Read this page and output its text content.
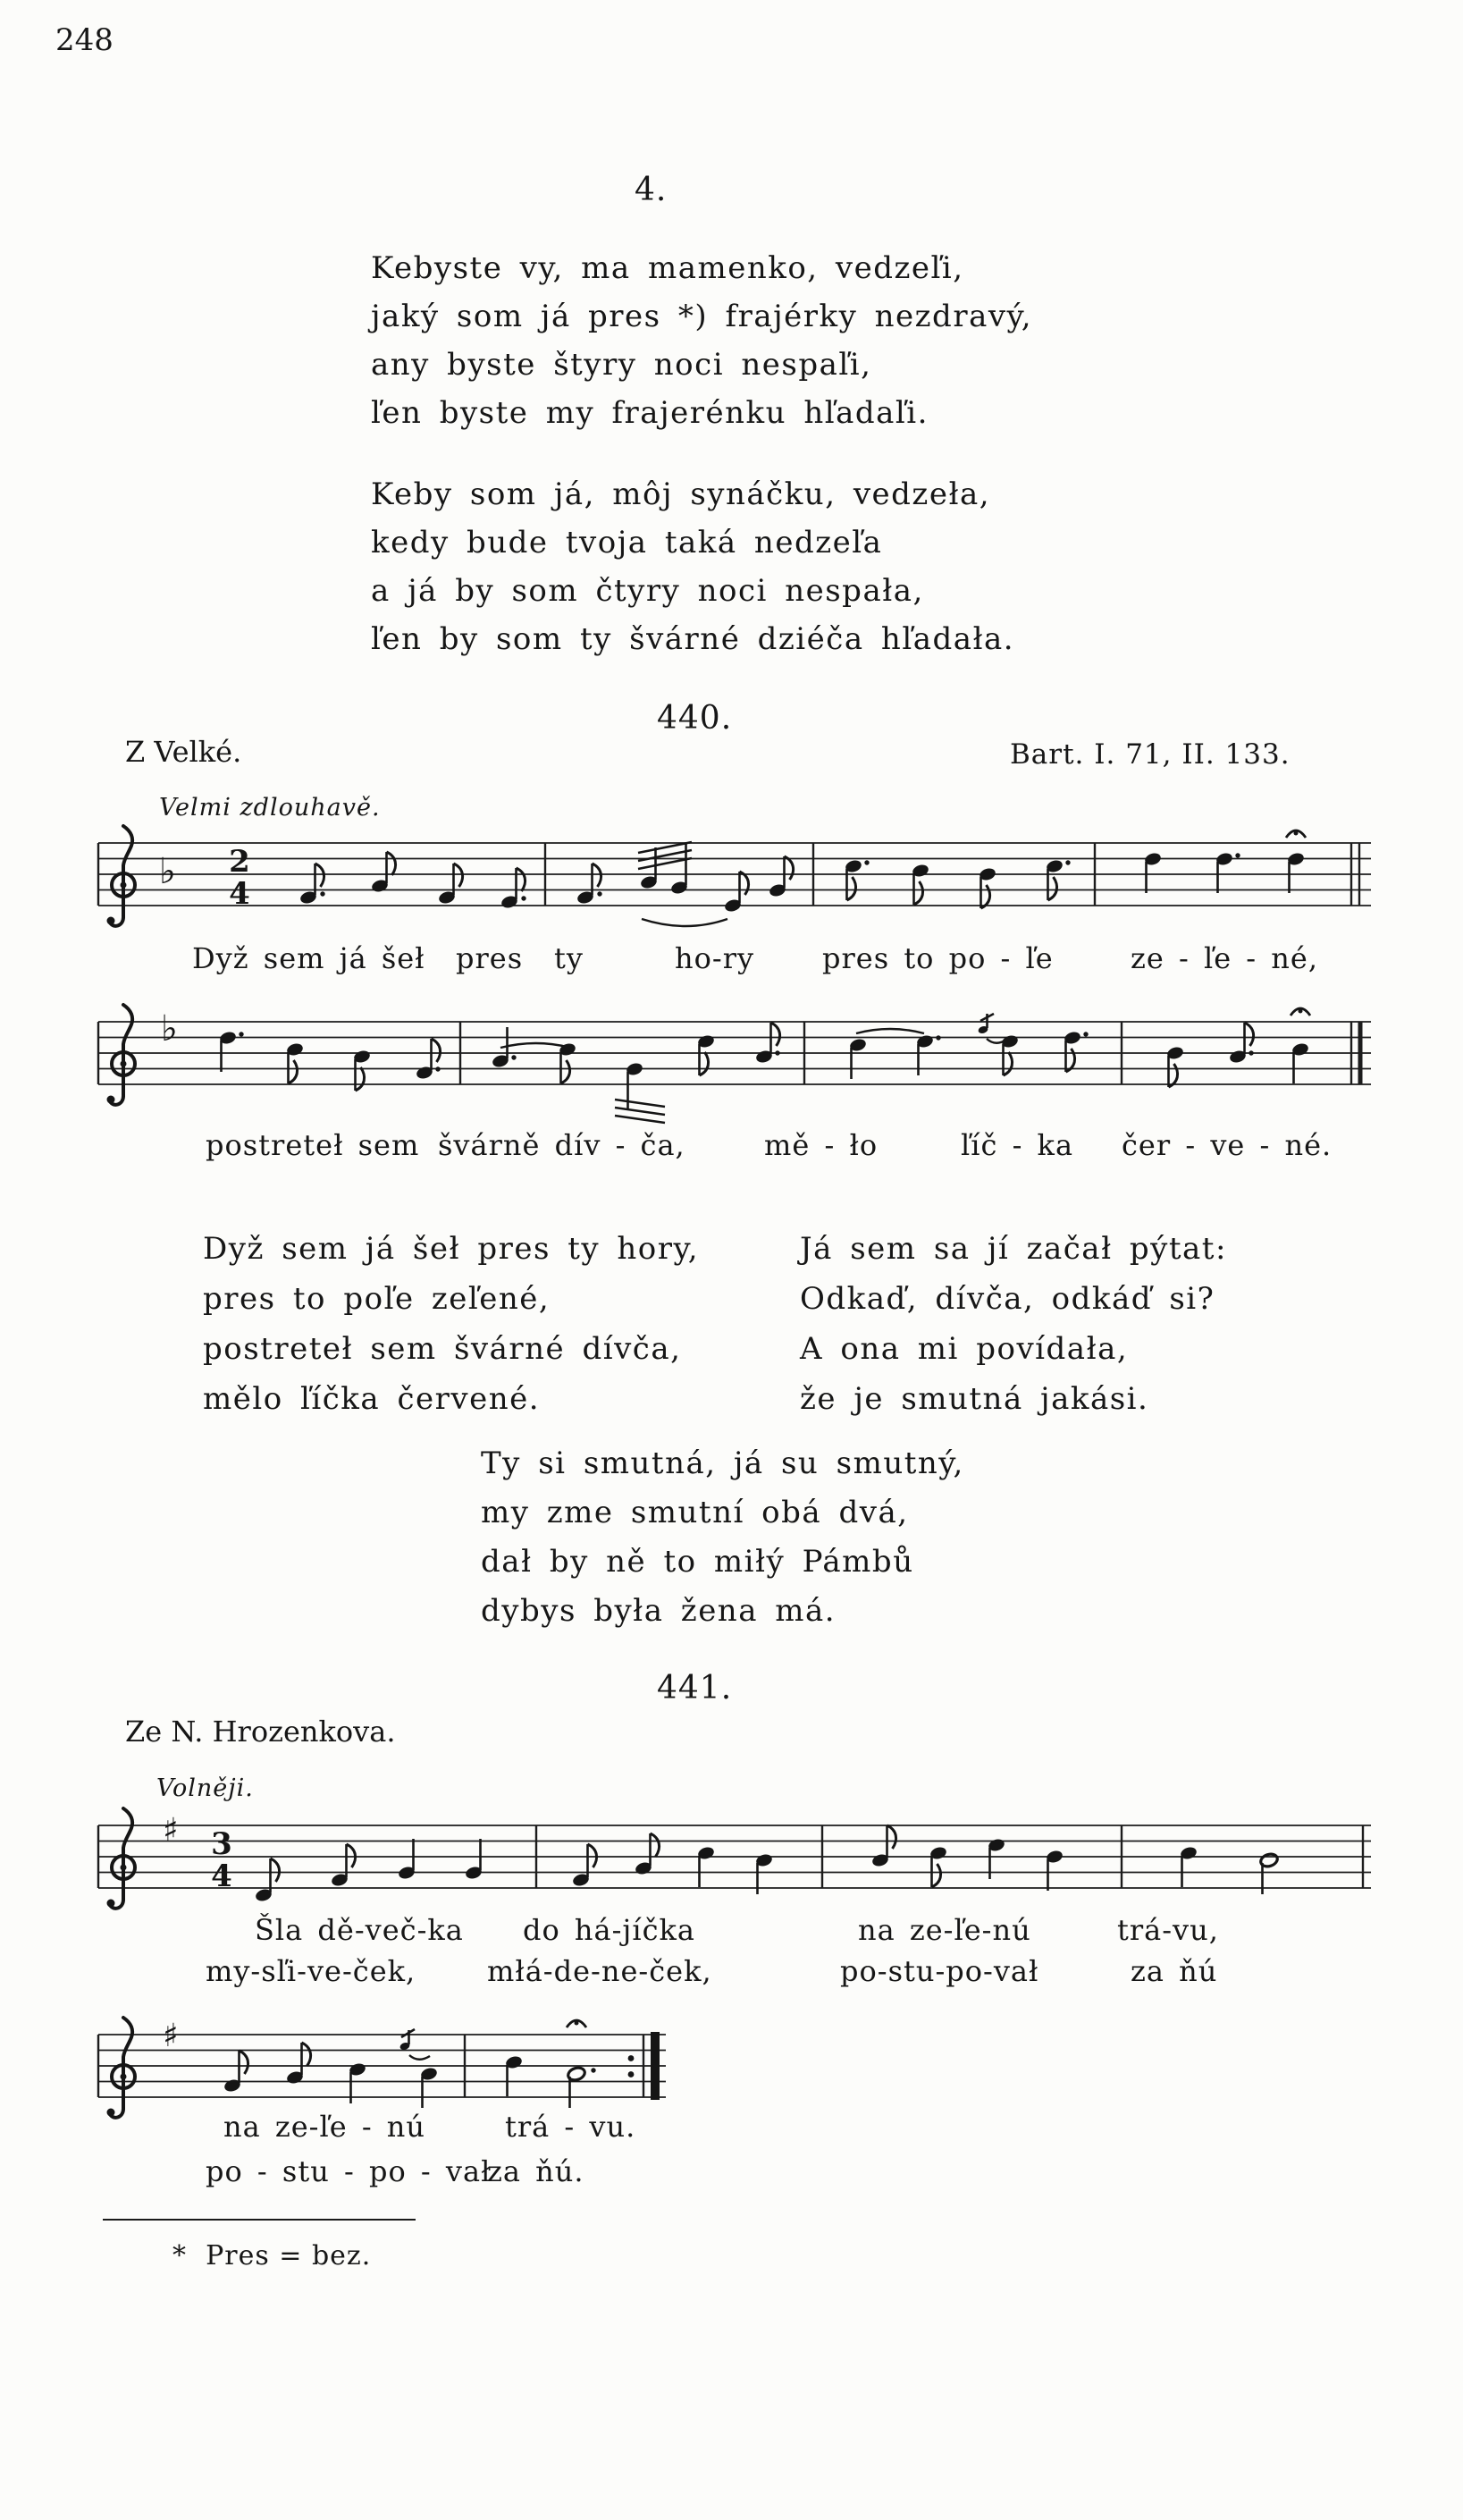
248
4.
Kebyste vy, ma mamenko, vedzeľi,
jaký som já pres *) frajérky nezdravý,
any byste štyry noci nespaľi,
ľen byste my frajerénku hľadaľi.
Keby som já, môj synáčku, vedzeła,
kedy bude tvoja taká nedzeľa
a já by som čtyry noci nespała,
ľen by som ty švárné dziéča hľadała.
440.
Z Velké.	Bart. I. 71, II. 133.
Velmi zdlouhavě.
♭ 2
4
Dyž sem já šeł pres ty	ho-ry pres to po - ľe	ze - ľe - né,
♭
postreteł sem švárně dív - ča,	mě - ło	ľíč - ka čer - ve - né.
Dyž sem já šeł pres ty hory,
pres to poľe zeľené,
postreteł sem švárné dívča,
mělo ľíčka červené.
Já sem sa jí začał pýtat:
Odkaď, dívča, odkáď si?
A ona mi povídała,
že je smutná jakási.
Ty si smutná, já su smutný,
my zme smutní obá dvá,
dał by ně to miłý Pámbů
dybys była žena má.
441.
Ze N. Hrozenkova.
Volněji.
♯ 3
4
Šla dě-več-ka do há-jíčka	na ze-ľe-nú	trá-vu,
my-sľi-ve-ček, młá-de-ne-ček,	po-stu-po-vał	za ňú
♯
na ze-ľe - nú	trá - vu.
po - stu - po - vał
za ňú.
* Pres = bez.
